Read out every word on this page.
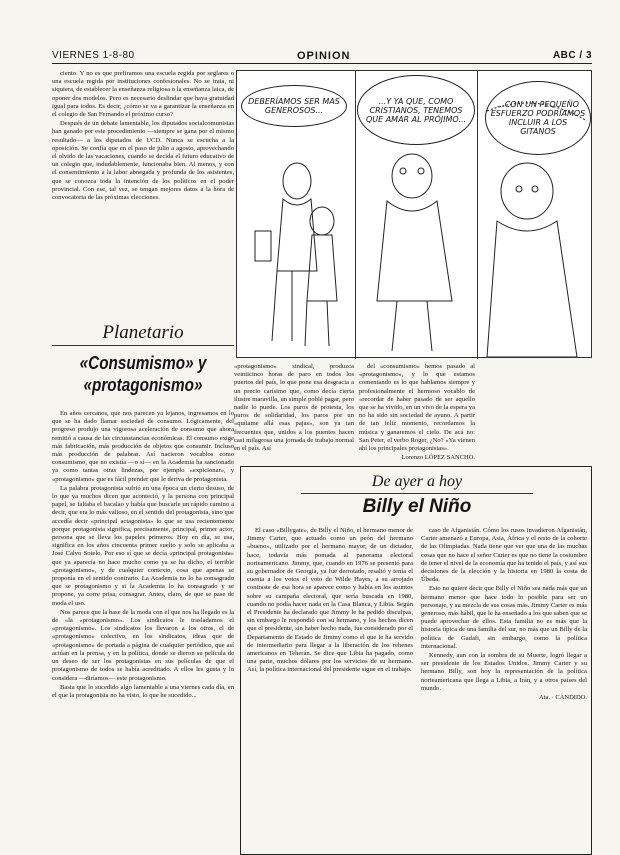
VIERNES 1-8-80	OPINION	ABC / 3

ciento. Y no es que prefiramos una escuela regida por seglares o una escuela regida por instituciones confesionales. No se trata, ni siquiera, de establecer la enseñanza religiosa o la enseñanza laica, de oponer dos modelos. Pero es necesario deslindar que haya gratuidad igual para todos. Es decir, ¿cómo se va a garantizar la enseñanza en el colegio de San Fernando el próximo curso?

Después de un debate lamentable, los diputados socialcomunistas han ganado por este procedimiento —siempre se gana por el mismo resultado— a los diputados de UCD. Nunca se escucha a la oposición. Se confía que en el paso de julio a agosto, aprovechando el olvido de las vacaciones, cuando se decida el futuro educativo de un colegio que, indudablemente, funcionaba bien. Al menos, y con el consentimiento a la labor abnegada y profunda de los asistentes, que se conozca toda la intención de los políticos en el poder provincial. Con ese, tal vez, se tengan mejores datos a la hora de convocatoria de las próximas elecciones.

Planetario
«Consumismo» y «protagonismo»

En años cercanos, que nos parecen ya lejanos, ingresamos en lo que se ha dado llamar sociedad de consumo. Lógicamente, del progreso produjo una vigorosa aceleración de consumo que ahora remitió a causa de las circunstancias económicas. El consumo exige más fabricación, más producción de objetos que consumir. Incluso más producción de palabras. Así nacieron vocablos como consumismo, que no existía —o sí— en la Academia ha sancionado ya como tantas otras lindezas, por ejemplo «expicionar», y «protagonismo» que es fácil prender que le deriva de protagonista.

La palabra protagonista sufrió en una época un cierto desuso, de lo que ya muchos dicen que aconteció, y la persona con principal papel, se faltaba el bacalao y había que buscarle un rápido camino a decir, que era lo más valioso, en el sentido del protagonista, sino que accedía decir «principal actagonista» lo que se usa recientemente porque protagonista significa, precisamente, principal, primer actor, persona que se lleva los papeles primeros. Hoy en día, se usa, significa en los años cincuenta primer suelto y solo se aplicaba a José Calvo Sotelo. Por eso sí que se decía «principal protagonista» que ya aparecía no hace mucho como ya se ha dicho, el terrible «protagonismo», y de cualquier contexto, cosa que apenas se proponía en el sentido contrario. La Academia no lo ha consagrado que se protagonismo y si la Academia lo ha consagrado y se propone, ya corre prisa, consagrar. Antes, claro, de que se pase de moda el uso.

Nos parece que la base de la moda con el que nos ha llegado es la de «la «protagonismo». Los sindicatos le trasladamos el «protagonismo». Los sindicatos los llevaron a los otros, el de «protagonismo» colectivo, en los sindicatos, ideas que de «protagonismo» de portada a página de cualquier periódico, que así actúan en la prensa, y en la política, donde se dieron su película de un deseo de ser los protagonistas en sus películas de que el protagonismo de todos se había acreditado. A ellos les gusta y lo considera —diríamos— este protagonismo.

Basta que lo sucedido algo lamentable a una viernes cada día, en el que la protagonista no ha visto, lo que he sucedido...

DEBERÍAMOS SER MAS GENEROSOS...
...Y YA QUE, COMO CRISTIANOS, TENEMOS QUE AMAR AL PRÓJIMO...
...CON UN PEQUEÑO ESFUERZO PODRÍAMOS INCLUIR A LOS GITANOS
«protagonismo» sindical, produzca veinticinco horas de paro en todos los puertos del país, lo que pone esa desgracia a un precio carísimo que, como decía cierta ilustre maravilla, un simple poblé pagar, pero nadie lo puede. Los puros de protesta, los puros de solidaridad, los paros por un «quítame allá esas pajas», son ya tan frecuentes que, unidos a los puentes hacen casi milagrosa una jornada de trabajo normal en el país. Así

del «consumismo» hemos pasado al «protagonismo», y lo que estamos comentando es lo que hablamos siempre y profesionalmente el hermoso vocablo de «recordar de haber pasado de ser aquello que se ha vivido, en un vivo de la espera ya no ha sido sin sociedad de ayuno. A partir de tan feliz momento, recordamos la música y ganaremos el cielo. De acá no: San Peter, el verbo Roger, ¿No? «Ya vienen ahí los principales protagonistas».

Lorenzo LÓPEZ SANCHO.

De ayer a hoy
Billy el Niño

El caso «Billygate», de Billy el Niño, el hermano menor de Jimmy Carter, que actuado como un peón del hermano «bueno», utilizado por el hermano mayor, de un dictador, hace, todavía más pomada al panorama electoral norteamericano. Jimmy, que, cuando en 1976 se presentó para su gobernador de Georgia, ya fue derrotado, resaltó y tenía el cuenta a los votos el voto de Wilde Hayes, a su arrojado contraste de esa hora se aparece como y había en los asuntos sobre su campaña electoral, que sería buscada en 1980, cuando no podía hacer nada en la Casa Blanca, y Libia. Según el Presidente ha declarado que Jimmy le ha pedido disculpas, sin embargo le respondió con su hermano, y los hechos dicen que el presidente, sin haber hecho nada, fue considerado por el Departamento de Estado de Jimmy como el que le ha servido de intermediario para llegar a la liberación de los rehenes americanos en Teherán. Se dice que Libia ha pagado, como una parte, muchos dólares por los servicios de su hermano. Así, la política internacional del presidente sigue en el trabajo.

caso de Afganistán. Cómo los rusos invadieron Afganistán, Carter amenazó a Europa, Asia, África y el resto de la cohorte de las Olimpiadas. Nada tiene que ver que una de las muchas cosas que no hace el señor Carter es que no tiene la costumbre de tener el nivel de la economía que ha tenido el país, y así sus decisiones de la elección y la historia en 1980 la costa de Úbeda.

Esto no quiere decir que Billy el Niño sea nada más que un hermano menor que hace todo lo posible para ser un personaje, y su mezcla de sus cosas más. Jimmy Carter es más generoso, más hábil, que le ha enseñado a los que saben que se puede aprovechar de ellos. Esta familia no es más que la historia típica de una familia del sur, no más que un Billy de la política de Gadafi, sin embargo, como la política internacional.

Kennedy, aun con la sombra de su Muerte, logró llegar a ser presidente de los Estados Unidos. Jimmy Carter y su hermano Billy, son hoy la representación de la política norteamericana que llega a Libia, a Irán, y a otros países del mundo.

Ata. · CANDIDO.
